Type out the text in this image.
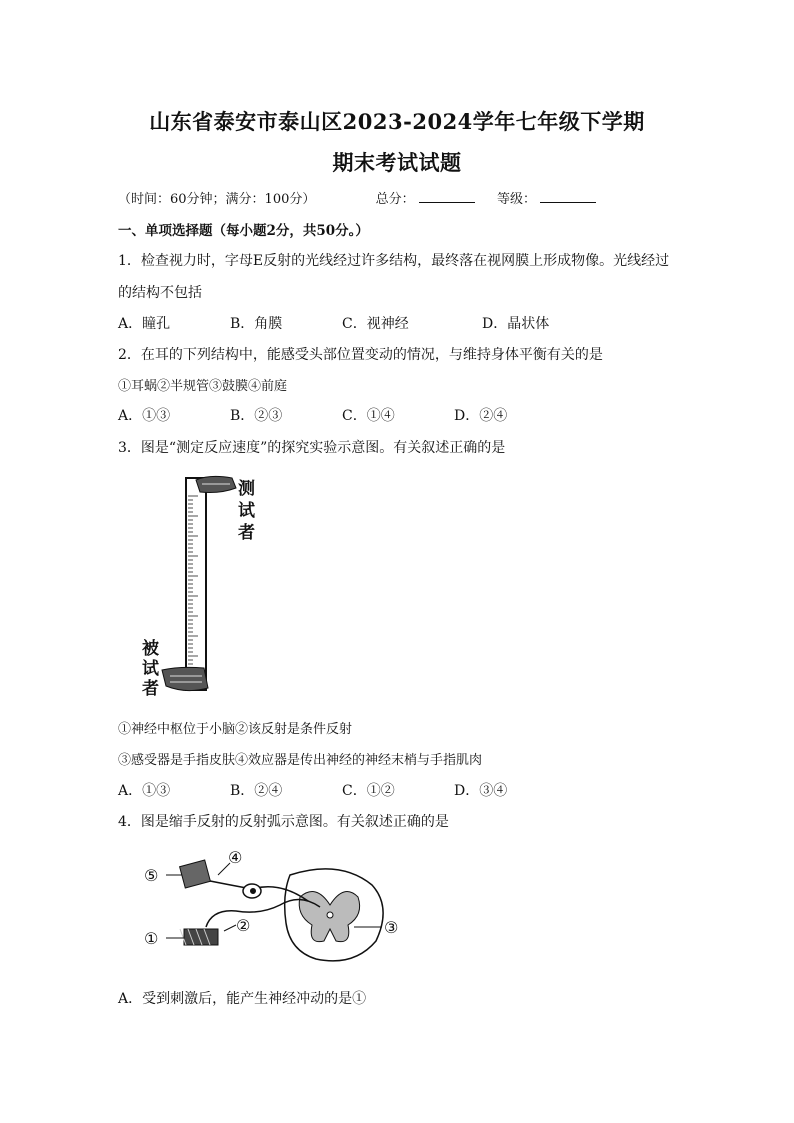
山东省泰安市泰山区2023-2024学年七年级下学期
期末考试试题
（时间：60分钟；满分：100分）	总分：	等级：
一、单项选择题（每小题2分，共50分。）
1．检查视力时，字母E反射的光线经过许多结构，最终落在视网膜上形成物像。光线经过
的结构不包括
A．瞳孔	B．角膜	C．视神经	D．晶状体
2．在耳的下列结构中，能感受头部位置变动的情况，与维持身体平衡有关的是
①耳蜗②半规管③鼓膜④前庭
A．①③	B．②③	C．①④	D．②④
3．图是“测定反应速度”的探究实验示意图。有关叙述正确的是
测
试
者
被
试
者
①神经中枢位于小脑②该反射是条件反射
③感受器是手指皮肤④效应器是传出神经的神经末梢与手指肌肉
A．①③	B．②④	C．①②	D．③④
4．图是缩手反射的反射弧示意图。有关叙述正确的是
⑤
④
①
②	③
A．受到刺激后，能产生神经冲动的是①
